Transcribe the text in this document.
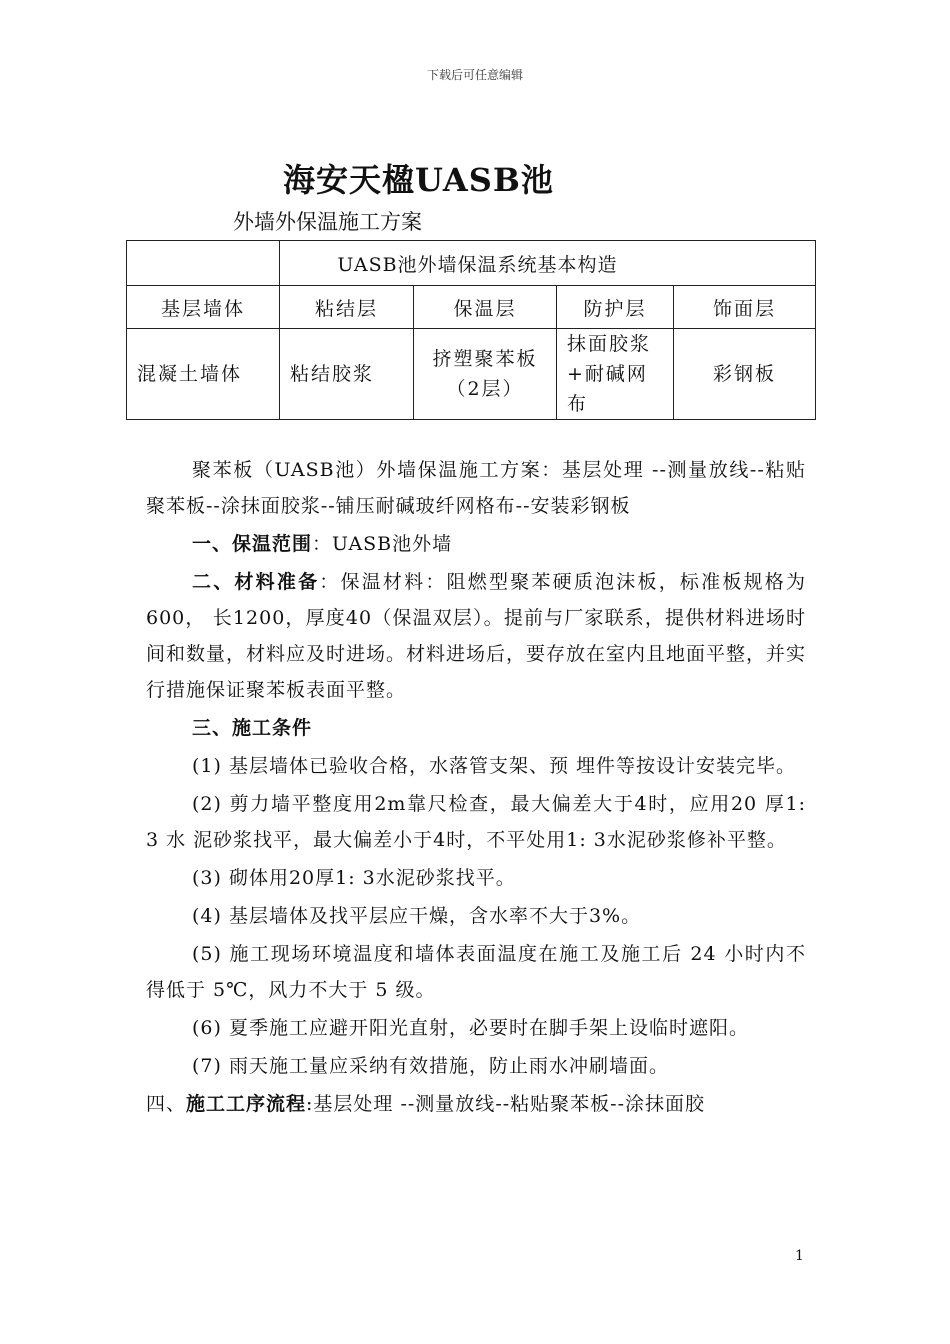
下载后可任意编辑
海安天楹UASB池
外墙外保温施工方案
	UASB池外墙保温系统基本构造			
基层墙体	粘结层	保温层	防护层	饰面层
混凝土墙体	粘结胶浆	挤塑聚苯板（2层）	抹面胶浆+耐碱网布	彩钢板

聚苯板（UASB池）外墙保温施工方案：基层处理 --测量放线--粘贴聚苯板--涂抹面胶浆--铺压耐碱玻纤网格布--安装彩钢板

一、保温范围：UASB池外墙

二、材料准备：保温材料：阻燃型聚苯硬质泡沫板，标准板规格为600， 长1200，厚度40（保温双层）。提前与厂家联系，提供材料进场时间和数量，材料应及时进场。材料进场后，要存放在室内且地面平整，并实行措施保证聚苯板表面平整。

三、施工条件

(1) 基层墙体已验收合格，水落管支架、预 埋件等按设计安装完毕。

(2) 剪力墙平整度用2m靠尺检查，最大偏差大于4时，应用20 厚1: 3 水 泥砂浆找平，最大偏差小于4时，不平处用1: 3水泥砂浆修补平整。

(3) 砌体用20厚1: 3水泥砂浆找平。

(4) 基层墙体及找平层应干燥，含水率不大于3%。

(5) 施工现场环境温度和墙体表面温度在施工及施工后 24 小时内不得低于 5℃，风力不大于 5 级。

(6) 夏季施工应避开阳光直射，必要时在脚手架上设临时遮阳。

(7) 雨天施工量应采纳有效措施，防止雨水冲刷墙面。

四、施工工序流程:基层处理 --测量放线--粘贴聚苯板--涂抹面胶

1
